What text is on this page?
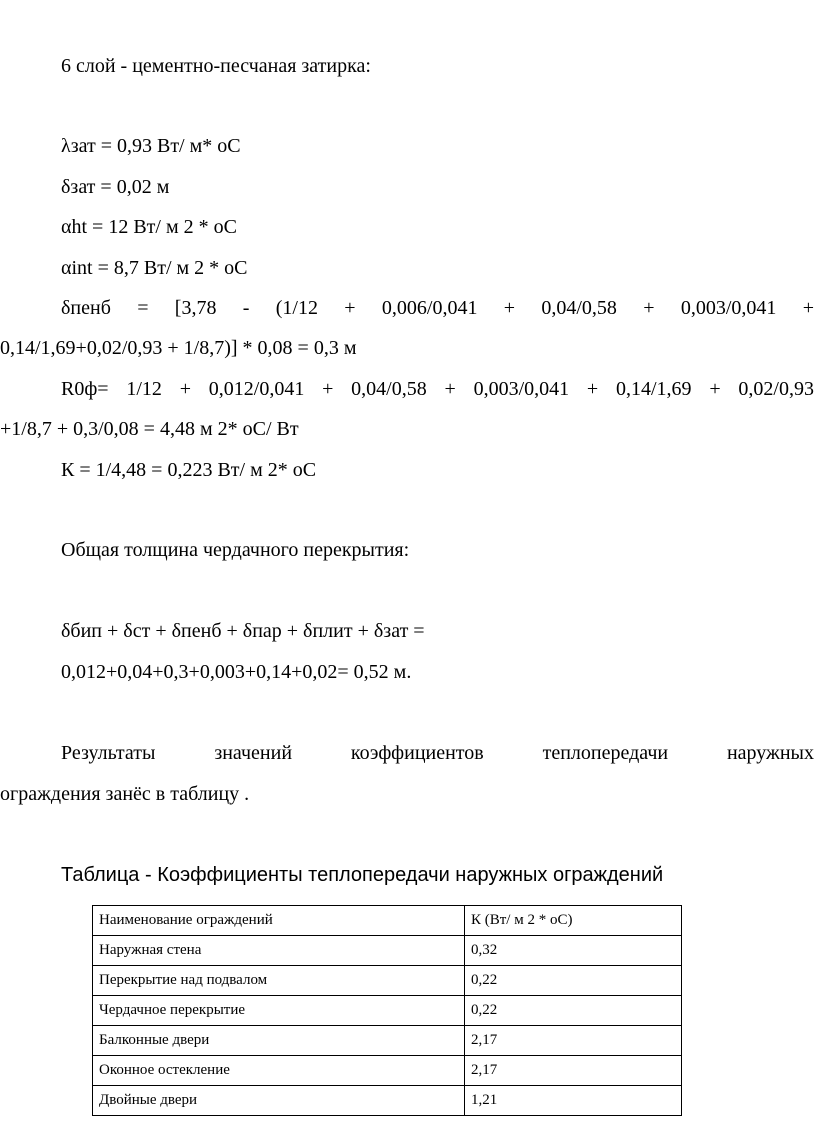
6 слой - цементно-песчаная затирка:
λзат = 0,93 Вт/ м* оС
δзат = 0,02 м
αht = 12 Вт/ м 2 * оС
αint = 8,7 Вт/ м 2 * оС
δпенб = [3,78 - (1/12 + 0,006/0,041 + 0,04/0,58 + 0,003/0,041 +
0,14/1,69+0,02/0,93 + 1/8,7)] * 0,08 = 0,3 м
R0ф= 1/12 + 0,012/0,041 + 0,04/0,58 + 0,003/0,041 + 0,14/1,69 + 0,02/0,93
+1/8,7 + 0,3/0,08 = 4,48 м 2* оС/ Вт
К = 1/4,48 = 0,223 Вт/ м 2* оС
Общая толщина чердачного перекрытия:
δбип + δст + δпенб + δпар + δплит + δзат =
0,012+0,04+0,3+0,003+0,14+0,02= 0,52 м.
Результаты	значений	коэффициентов	теплопередачи	наружных
ограждения занёс в таблицу .
Таблица - Коэффициенты теплопередачи наружных ограждений
Наименование ограждений	К (Вт/ м 2 * оС)
Наружная стена	0,32
Перекрытие над подвалом	0,22
Чердачное перекрытие	0,22
Балконные двери	2,17
Оконное остекление	2,17
Двойные двери	1,21
